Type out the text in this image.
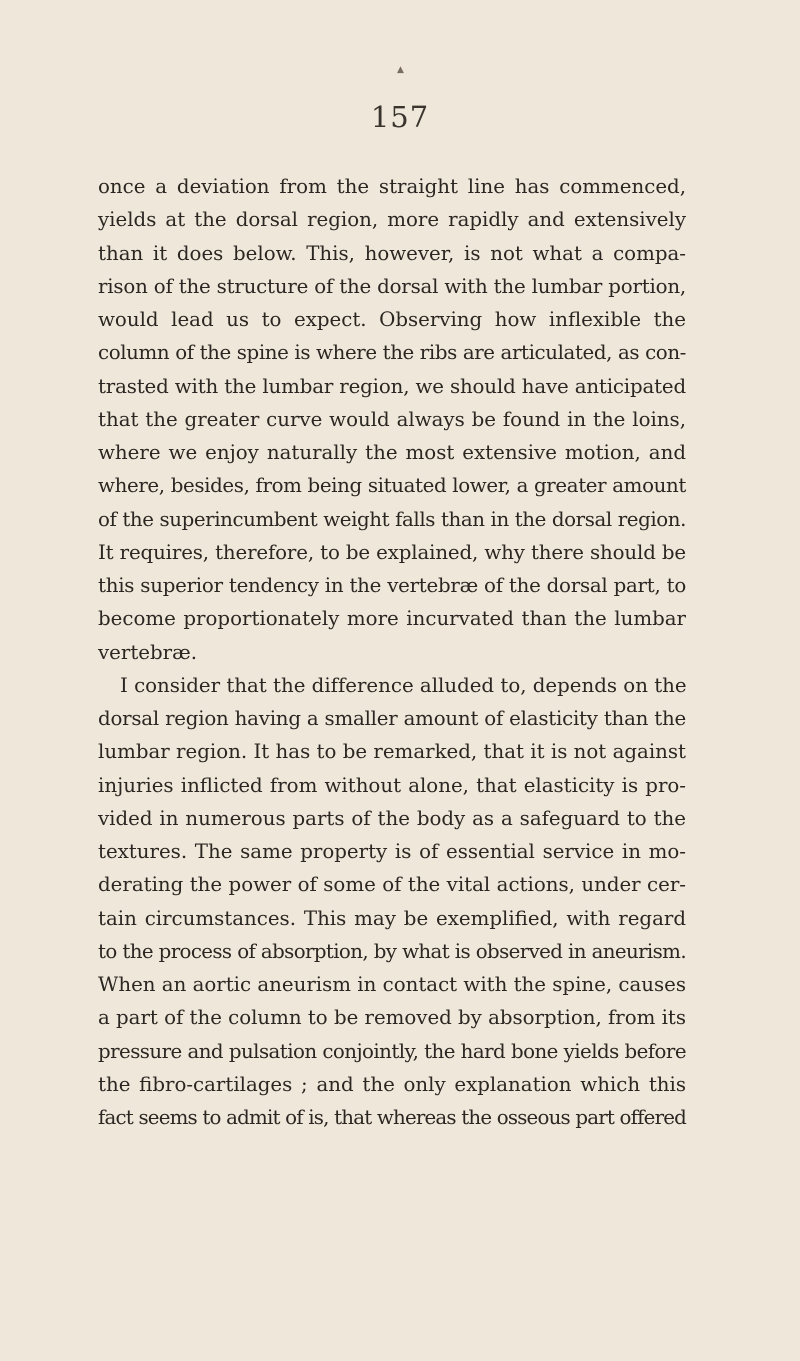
▲
157
once a deviation from the straight line has commenced,
yields at the dorsal region, more rapidly and extensively
than it does below. This, however, is not what a compa-
rison of the structure of the dorsal with the lumbar portion,
would lead us to expect. Observing how inflexible the
column of the spine is where the ribs are articulated, as con-
trasted with the lumbar region, we should have anticipated
that the greater curve would always be found in the loins,
where we enjoy naturally the most extensive motion, and
where, besides, from being situated lower, a greater amount
of the superincumbent weight falls than in the dorsal region.
It requires, therefore, to be explained, why there should be
this superior tendency in the vertebræ of the dorsal part, to
become proportionately more incurvated than the lumbar
vertebræ.
I consider that the difference alluded to, depends on the
dorsal region having a smaller amount of elasticity than the
lumbar region. It has to be remarked, that it is not against
injuries inflicted from without alone, that elasticity is pro-
vided in numerous parts of the body as a safeguard to the
textures. The same property is of essential service in mo-
derating the power of some of the vital actions, under cer-
tain circumstances. This may be exemplified, with regard
to the process of absorption, by what is observed in aneurism.
When an aortic aneurism in contact with the spine, causes
a part of the column to be removed by absorption, from its
pressure and pulsation conjointly, the hard bone yields before
the fibro-cartilages ; and the only explanation which this
fact seems to admit of is, that whereas the osseous part offered
